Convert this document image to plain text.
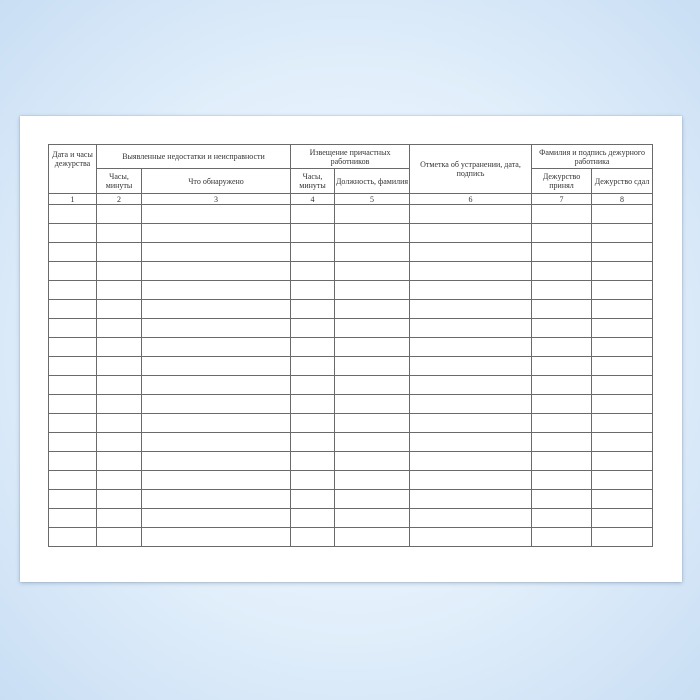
Дата и часы дежурства	Выявленные недостатки и неисправности		Извещение причастных работников		Отметка об устранении, дата, подпись	Фамилия и подпись дежурного работника	
	Часы, минуты	Что обнаружено	Часы, минуты	Должность, фамилия		Дежурство принял	Дежурство сдал
1	2	3	4	5	6	7	8
